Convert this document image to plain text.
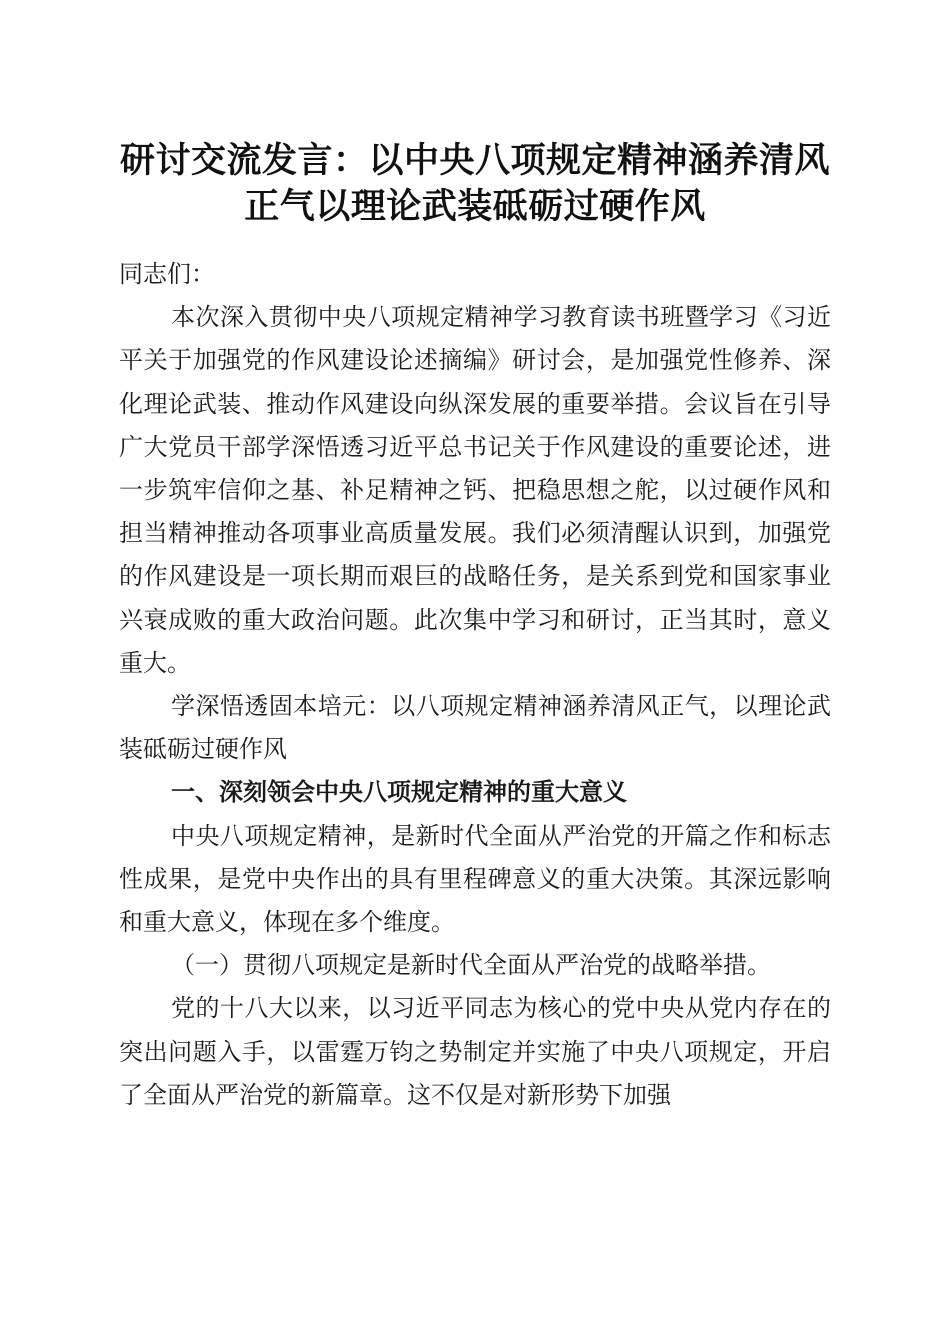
研讨交流发言：以中央八项规定精神涵养清风
正气以理论武装砥砺过硬作风

同志们：

本次深入贯彻中央八项规定精神学习教育读书班暨学习《习近平关于加强党的作风建设论述摘编》研讨会，是加强党性修养、深化理论武装、推动作风建设向纵深发展的重要举措。会议旨在引导广大党员干部学深悟透习近平总书记关于作风建设的重要论述，进一步筑牢信仰之基、补足精神之钙、把稳思想之舵，以过硬作风和担当精神推动各项事业高质量发展。我们必须清醒认识到，加强党的作风建设是一项长期而艰巨的战略任务，是关系到党和国家事业兴衰成败的重大政治问题。此次集中学习和研讨，正当其时，意义重大。

学深悟透固本培元：以八项规定精神涵养清风正气，以理论武装砥砺过硬作风

一、深刻领会中央八项规定精神的重大意义

中央八项规定精神，是新时代全面从严治党的开篇之作和标志性成果，是党中央作出的具有里程碑意义的重大决策。其深远影响和重大意义，体现在多个维度。

（一）贯彻八项规定是新时代全面从严治党的战略举措。

党的十八大以来，以习近平同志为核心的党中央从党内存在的突出问题入手，以雷霆万钧之势制定并实施了中央八项规定，开启了全面从严治党的新篇章。这不仅是对新形势下加强
